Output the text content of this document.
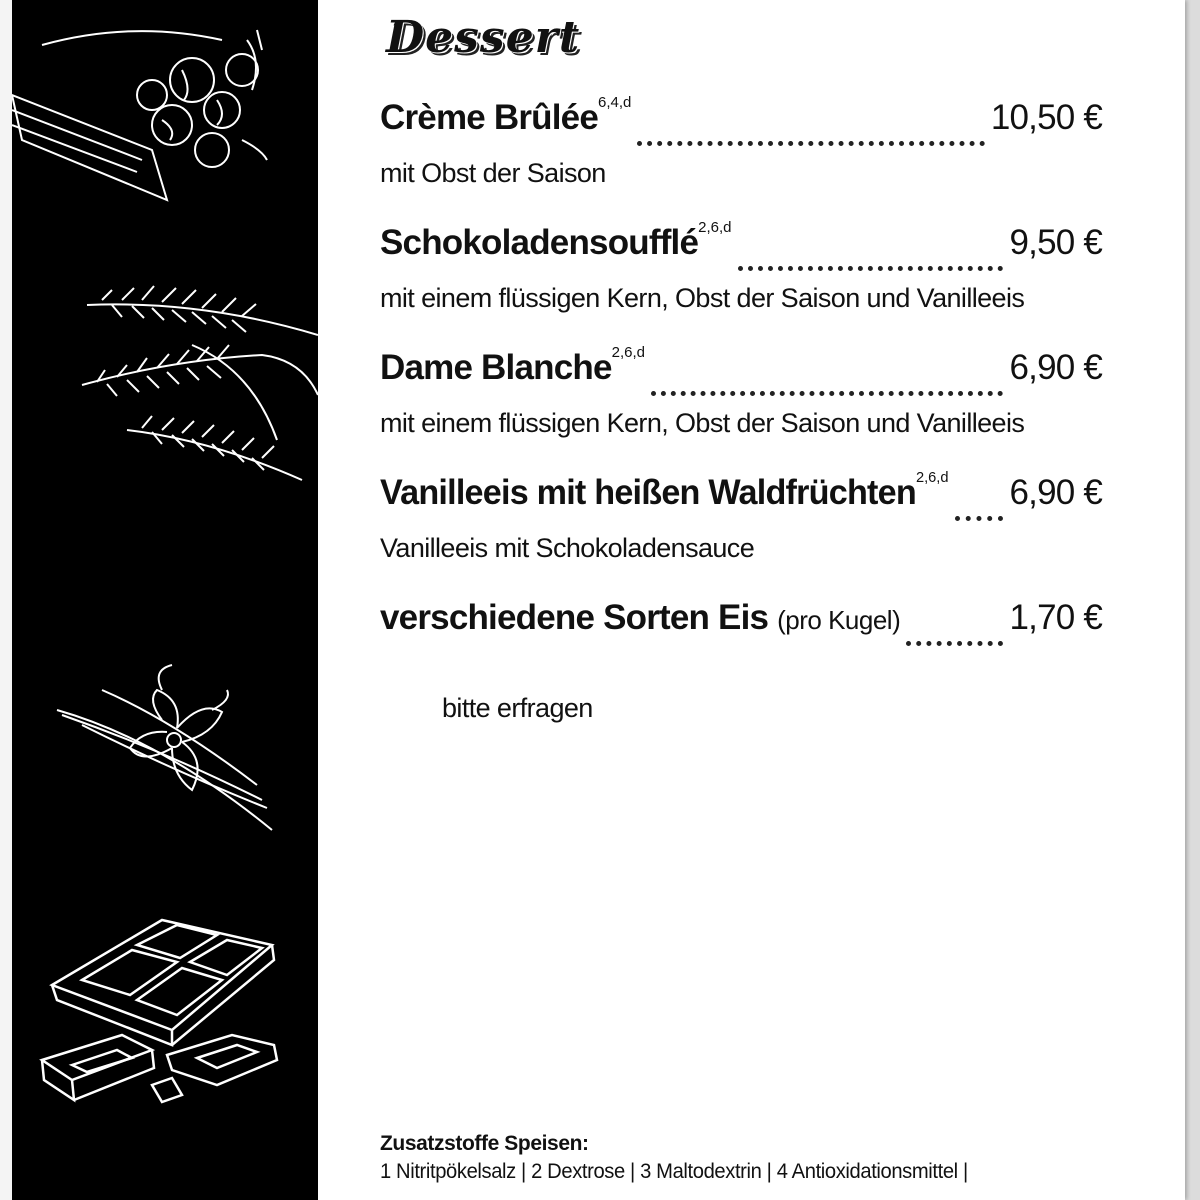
Dessert
Crème Brûlée$^{6,4,d}$	10,50 €
mit Obst der Saison
Schokoladensoufflé$^{2,6,d}$	9,50 €
mit einem flüssigen Kern, Obst der Saison und Vanilleeis
Dame Blanche$^{2,6,d}$	6,90 €
mit einem flüssigen Kern, Obst der Saison und Vanilleeis
Vanilleeis mit heißen Waldfrüchten$^{2,6,d}$ 6,90 €
Vanilleeis mit Schokoladensauce
verschiedene Sorten Eis (pro Kugel)	1,70 €
bitte erfragen
Zusatzstoffe Speisen:
1 Nitritpökelsalz | 2 Dextrose | 3 Maltodextrin | 4 Antioxidationsmittel |
